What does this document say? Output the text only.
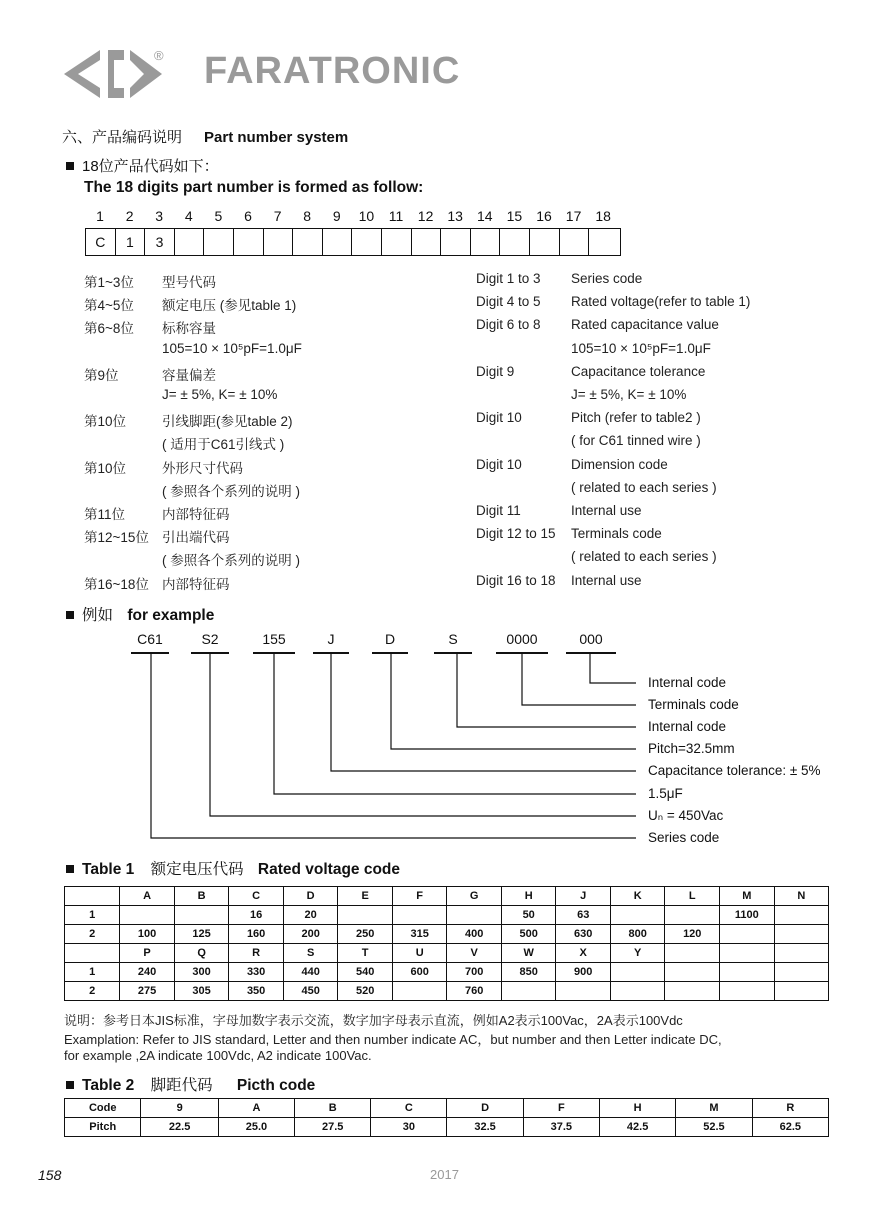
® FARATRONIC
六、产品编码说明 Part number system
18位产品代码如下：
The 18 digits part number is formed as follow:
1	2	3	4	5	6	7	8	9	10	11	12	13	14	15	16	17	18
C	1	3
第1~3位 型号代码	Digit 1 to 3 Series code
第4~5位 额定电压 (参见table 1)	Digit 4 to 5 Rated voltage(refer to table 1)
第6~8位 标称容量	Digit 6 to 8 Rated capacitance value
105=10 × 10⁵pF=1.0μF	105=10 × 10⁵pF=1.0μF
第9位	容量偏差	Digit 9	Capacitance tolerance
J= ± 5%, K= ± 10%	J= ± 5%, K= ± 10%
第10位	引线脚距(参见table 2)	Digit 10	Pitch (refer to table2 )
( 适用于C61引线式 )	( for C61 tinned wire )
第10位	外形尺寸代码	Digit 10	Dimension code
( 参照各个系列的说明 )	( related to each series )
第11位	内部特征码	Digit 11	Internal use
第12~15位 引出端代码	Digit 12 to 15 Terminals code
( 参照各个系列的说明 )	( related to each series )
第16~18位 内部特征码	Digit 16 to 18 Internal use
例如 for example
C61	S2	155	J	D	S	0000	000
Table 1 额定电压代码 Rated voltage code
	A	B	C	D	E	F	G	H	J	K	L	M	N
1			16	20				50	63			1100	
2	100	125	160	200	250	315	400	500	630	800	120		
	P	Q	R	S	T	U	V	W	X	Y			
1	240	300	330	440	540	600	700	850	900				
2	275	305	350	450	520		760						
说明：参考日本JIS标准，字母加数字表示交流，数字加字母表示直流，例如A2表示100Vac，2A表示100Vdc
Examplation: Refer to JIS standard, Letter and then number indicate AC，but number and then Letter indicate DC,
for example ,2A indicate 100Vdc, A2 indicate 100Vac.
Table 2 脚距代码 Picth code
Code	9	A	B	C	D	F	H	M	R
Pitch	22.5	25.0	27.5	30	32.5	37.5	42.5	52.5	62.5
158	2017
Internal code
Terminals code
Internal code
Pitch=32.5mm
Capacitance tolerance: ± 5%
1.5μF
Uₙ = 450Vac
Series code
